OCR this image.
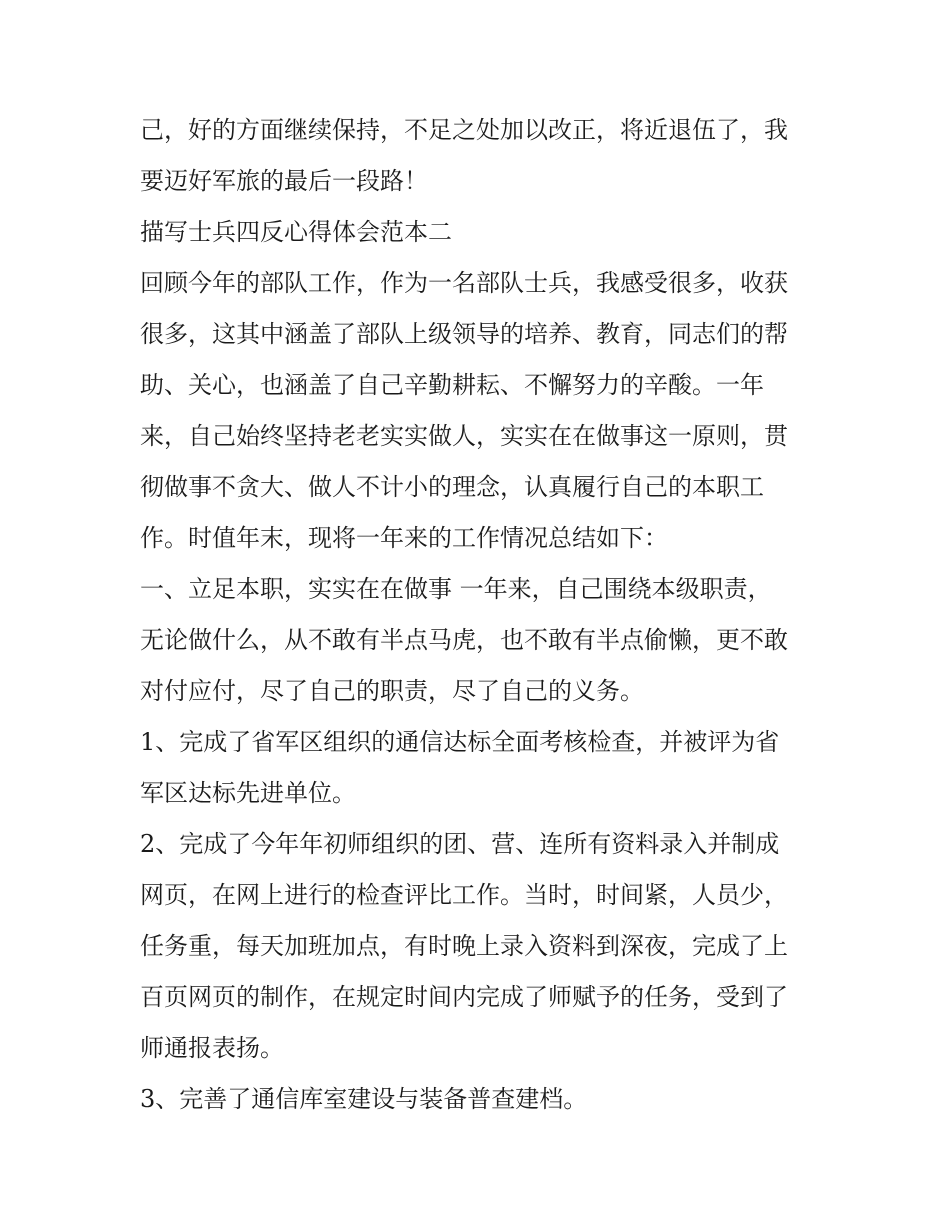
己，好的方面继续保持，不足之处加以改正，将近退伍了，我
要迈好军旅的最后一段路！
描写士兵四反心得体会范本二
回顾今年的部队工作，作为一名部队士兵，我感受很多，收获
很多，这其中涵盖了部队上级领导的培养、教育，同志们的帮
助、关心，也涵盖了自己辛勤耕耘、不懈努力的辛酸。一年
来，自己始终坚持老老实实做人，实实在在做事这一原则，贯
彻做事不贪大、做人不计小的理念，认真履行自己的本职工
作。时值年末，现将一年来的工作情况总结如下：
一、立足本职，实实在在做事 一年来，自己围绕本级职责，
无论做什么，从不敢有半点马虎，也不敢有半点偷懒，更不敢
对付应付，尽了自己的职责，尽了自己的义务。
1、完成了省军区组织的通信达标全面考核检查，并被评为省
军区达标先进单位。
2、完成了今年年初师组织的团、营、连所有资料录入并制成
网页，在网上进行的检查评比工作。当时，时间紧，人员少，
任务重，每天加班加点，有时晚上录入资料到深夜，完成了上
百页网页的制作，在规定时间内完成了师赋予的任务，受到了
师通报表扬。
3、完善了通信库室建设与装备普查建档。
